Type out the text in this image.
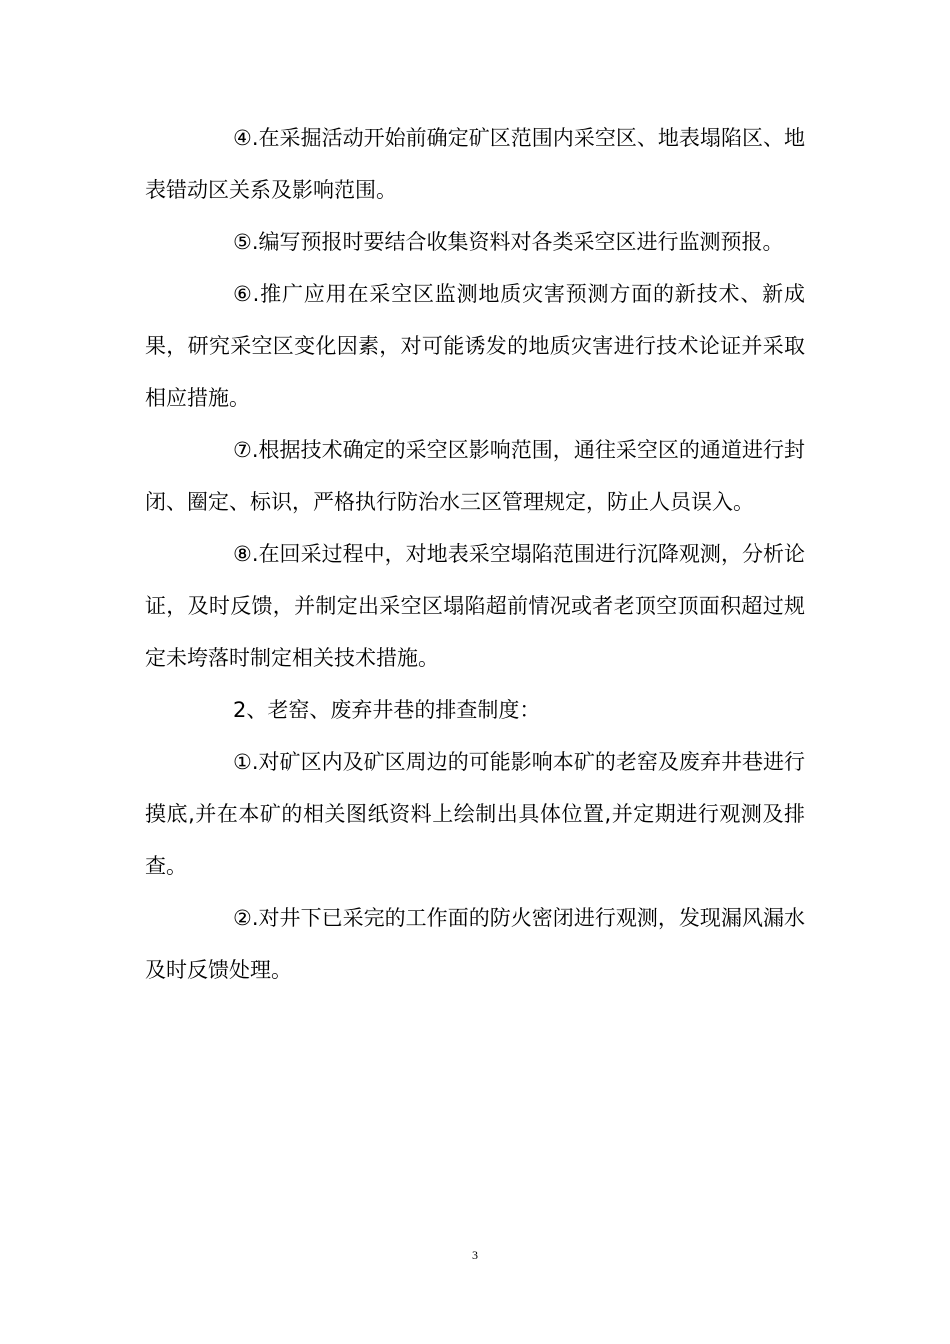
④.在采掘活动开始前确定矿区范围内采空区、地表塌陷区、地表错动区关系及影响范围。

⑤.编写预报时要结合收集资料对各类采空区进行监测预报。

⑥.推广应用在采空区监测地质灾害预测方面的新技术、新成果，研究采空区变化因素，对可能诱发的地质灾害进行技术论证并采取相应措施。

⑦.根据技术确定的采空区影响范围，通往采空区的通道进行封闭、圈定、标识，严格执行防治水三区管理规定，防止人员误入。

⑧.在回采过程中，对地表采空塌陷范围进行沉降观测，分析论证，及时反馈，并制定出采空区塌陷超前情况或者老顶空顶面积超过规定未垮落时制定相关技术措施。

2、老窑、废弃井巷的排查制度：

①.对矿区内及矿区周边的可能影响本矿的老窑及废弃井巷进行摸底,并在本矿的相关图纸资料上绘制出具体位置,并定期进行观测及排查。

②.对井下已采完的工作面的防火密闭进行观测，发现漏风漏水及时反馈处理。

3
